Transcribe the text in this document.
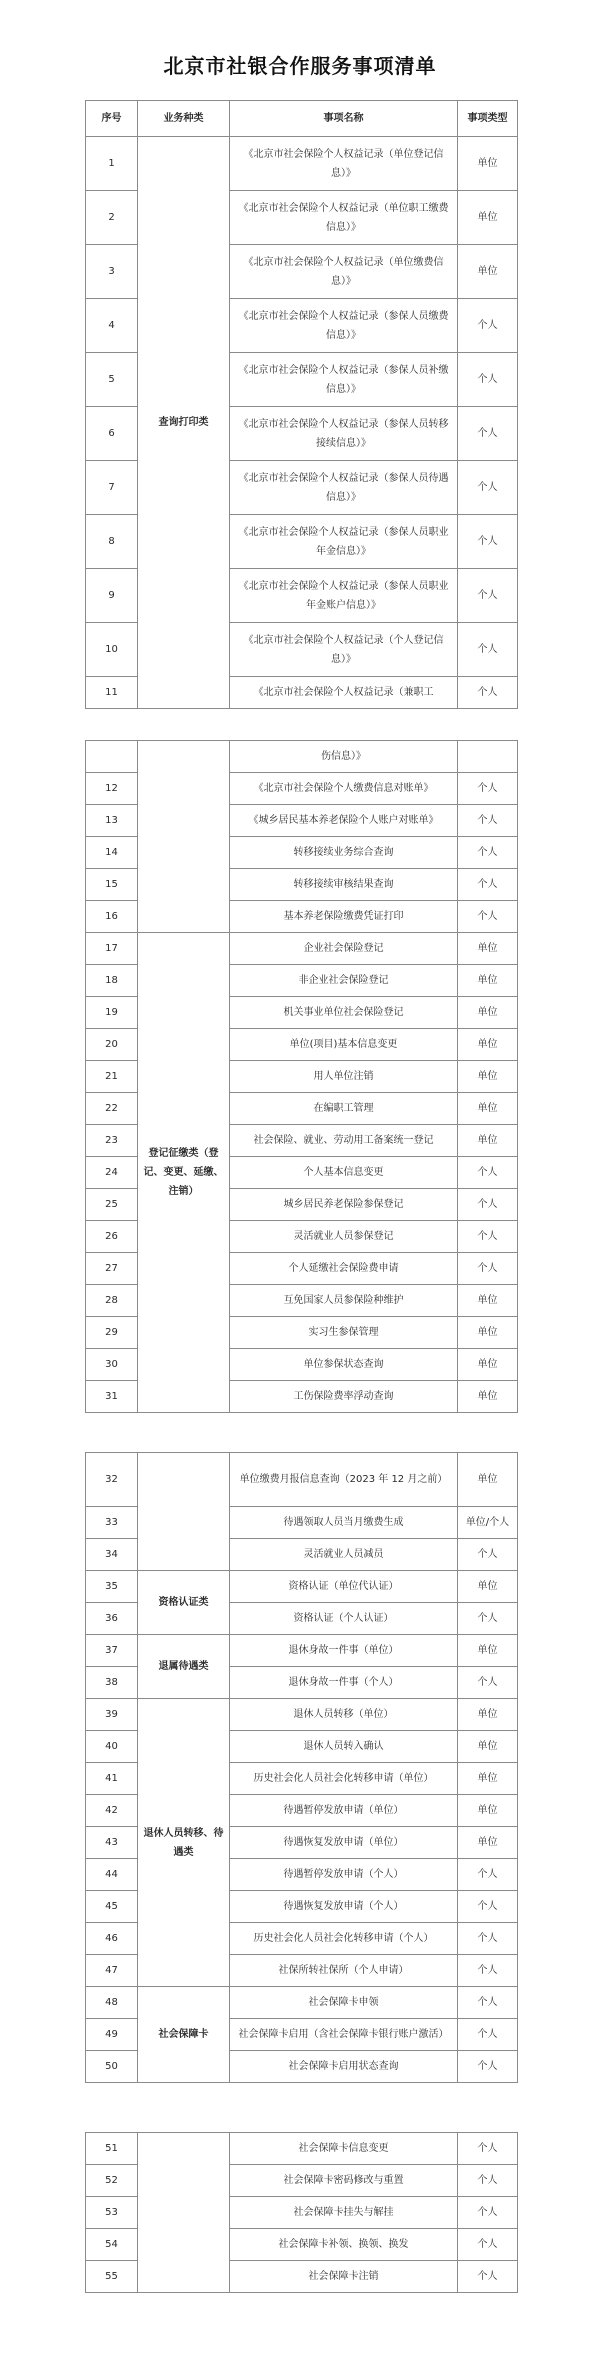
北京市社银合作服务事项清单
序号	业务种类	事项名称	事项类型
1	查询打印类	《北京市社会保险个人权益记录（单位登记信息）》	单位
2		《北京市社会保险个人权益记录（单位职工缴费信息）》	单位
3		《北京市社会保险个人权益记录（单位缴费信息）》	单位
4		《北京市社会保险个人权益记录（参保人员缴费信息）》	个人
5		《北京市社会保险个人权益记录（参保人员补缴信息）》	个人
6		《北京市社会保险个人权益记录（参保人员转移接续信息）》	个人
7		《北京市社会保险个人权益记录（参保人员待遇信息）》	个人
8		《北京市社会保险个人权益记录（参保人员职业年金信息）》	个人
9		《北京市社会保险个人权益记录（参保人员职业年金账户信息）》	个人
10		《北京市社会保险个人权益记录（个人登记信息）》	个人
11		《北京市社会保险个人权益记录（兼职工	个人
		伤信息）》	
12		《北京市社会保险个人缴费信息对账单》	个人
13		《城乡居民基本养老保险个人账户对账单》	个人
14		转移接续业务综合查询	个人
15		转移接续审核结果查询	个人
16		基本养老保险缴费凭证打印	个人
17	登记征缴类（登记、变更、延缴、注销）	企业社会保险登记	单位
18		非企业社会保险登记	单位
19		机关事业单位社会保险登记	单位
20		单位(项目)基本信息变更	单位
21		用人单位注销	单位
22		在编职工管理	单位
23		社会保险、就业、劳动用工备案统一登记	单位
24		个人基本信息变更	个人
25		城乡居民养老保险参保登记	个人
26		灵活就业人员参保登记	个人
27		个人延缴社会保险费申请	个人
28		互免国家人员参保险种维护	单位
29		实习生参保管理	单位
30		单位参保状态查询	单位
31		工伤保险费率浮动查询	单位
32		单位缴费月报信息查询（2023 年 12 月之前）	单位
33		待遇领取人员当月缴费生成	单位/个人
34		灵活就业人员减员	个人
35	资格认证类	资格认证（单位代认证）	单位
36		资格认证（个人认证）	个人
37	退属待遇类	退休身故一件事（单位）	单位
38		退休身故一件事（个人）	个人
39	退休人员转移、待遇类	退休人员转移（单位）	单位
40		退休人员转入确认	单位
41		历史社会化人员社会化转移申请（单位）	单位
42		待遇暂停发放申请（单位）	单位
43		待遇恢复发放申请（单位）	单位
44		待遇暂停发放申请（个人）	个人
45		待遇恢复发放申请（个人）	个人
46		历史社会化人员社会化转移申请（个人）	个人
47		社保所转社保所（个人申请）	个人
48	社会保障卡	社会保障卡申领	个人
49		社会保障卡启用（含社会保障卡银行账户激活）	个人
50		社会保障卡启用状态查询	个人
51		社会保障卡信息变更	个人
52		社会保障卡密码修改与重置	个人
53		社会保障卡挂失与解挂	个人
54		社会保障卡补领、换领、换发	个人
55		社会保障卡注销	个人
